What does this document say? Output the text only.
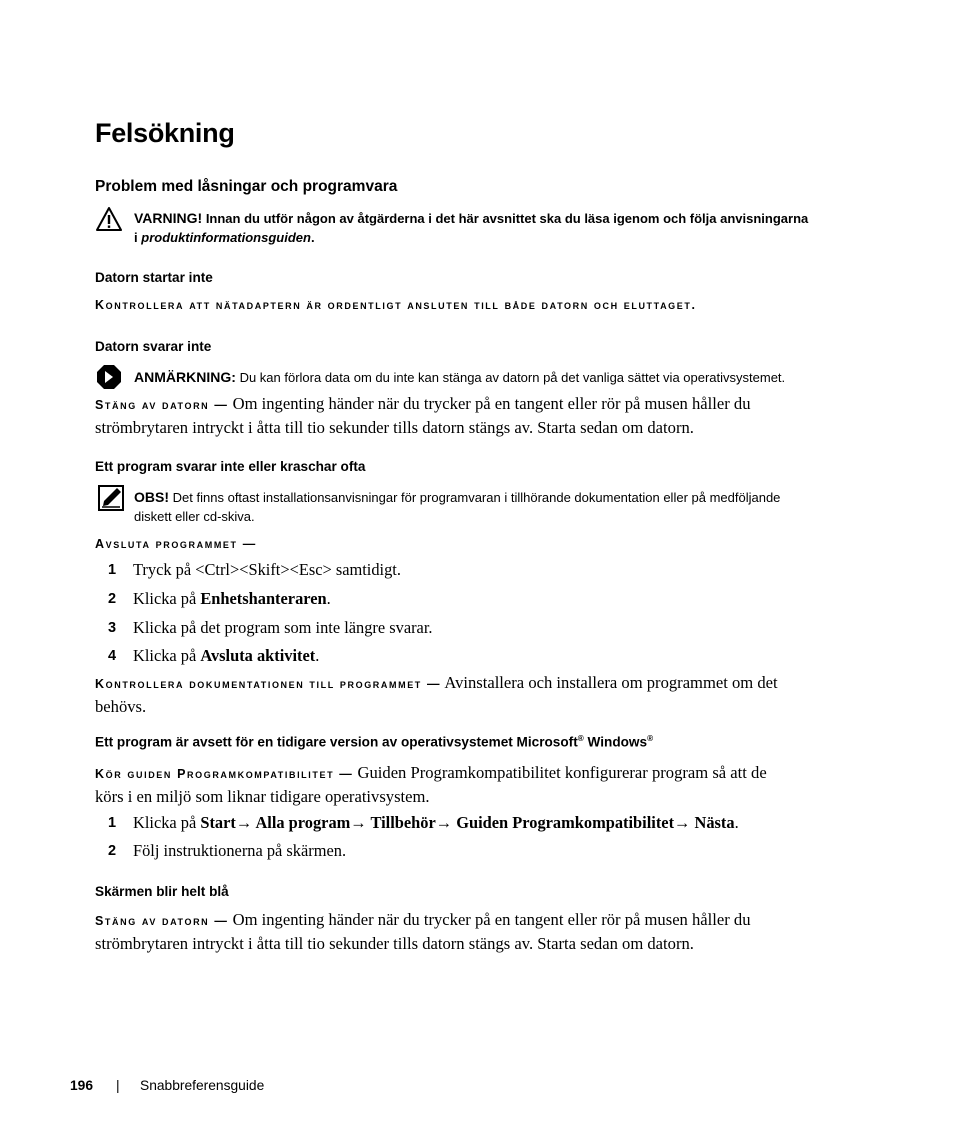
Felsökning
Problem med låsningar och programvara
VARNING! Innan du utför någon av åtgärderna i det här avsnittet ska du läsa igenom och följa anvisningarna
i produktinformationsguiden.
Datorn startar inte
Kontrollera att nätadaptern är ordentligt ansluten till både datorn och eluttaget.
Datorn svarar inte
ANMÄRKNING: Du kan förlora data om du inte kan stänga av datorn på det vanliga sättet via operativsystemet.
Stäng av datorn — Om ingenting händer när du trycker på en tangent eller rör på musen håller du
strömbrytaren intryckt i åtta till tio sekunder tills datorn stängs av. Starta sedan om datorn.
Ett program svarar inte eller kraschar ofta
OBS! Det finns oftast installationsanvisningar för programvaran i tillhörande dokumentation eller på medföljande
diskett eller cd-skiva.
Avsluta programmet —
1 Tryck på <Ctrl><Skift><Esc> samtidigt.
2 Klicka på Enhetshanteraren.
3 Klicka på det program som inte längre svarar.
4 Klicka på Avsluta aktivitet.
Kontrollera dokumentationen till programmet — Avinstallera och installera om programmet om det
behövs.
Ett program är avsett för en tidigare version av operativsystemet Microsoft® Windows®
Kör guiden Programkompatibilitet — Guiden Programkompatibilitet konfigurerar program så att de
körs i en miljö som liknar tidigare operativsystem.
1 Klicka på Start→ Alla program→ Tillbehör→ Guiden Programkompatibilitet→ Nästa.
2 Följ instruktionerna på skärmen.
Skärmen blir helt blå
Stäng av datorn — Om ingenting händer när du trycker på en tangent eller rör på musen håller du
strömbrytaren intryckt i åtta till tio sekunder tills datorn stängs av. Starta sedan om datorn.
196 | Snabbreferensguide
